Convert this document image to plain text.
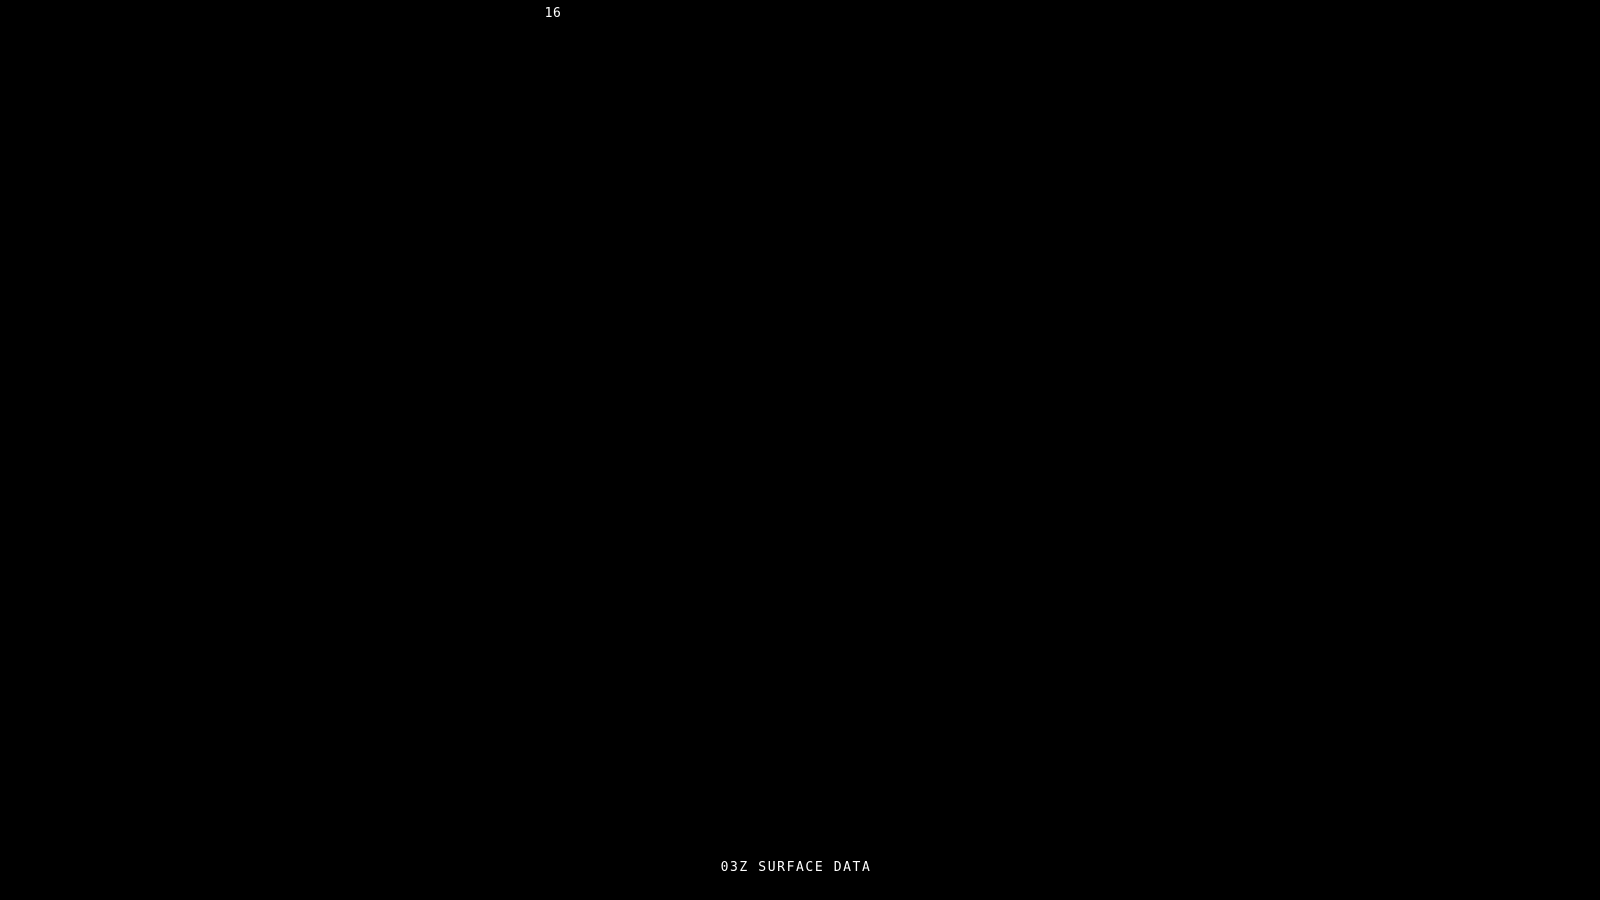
16
03Z SURFACE DATA
